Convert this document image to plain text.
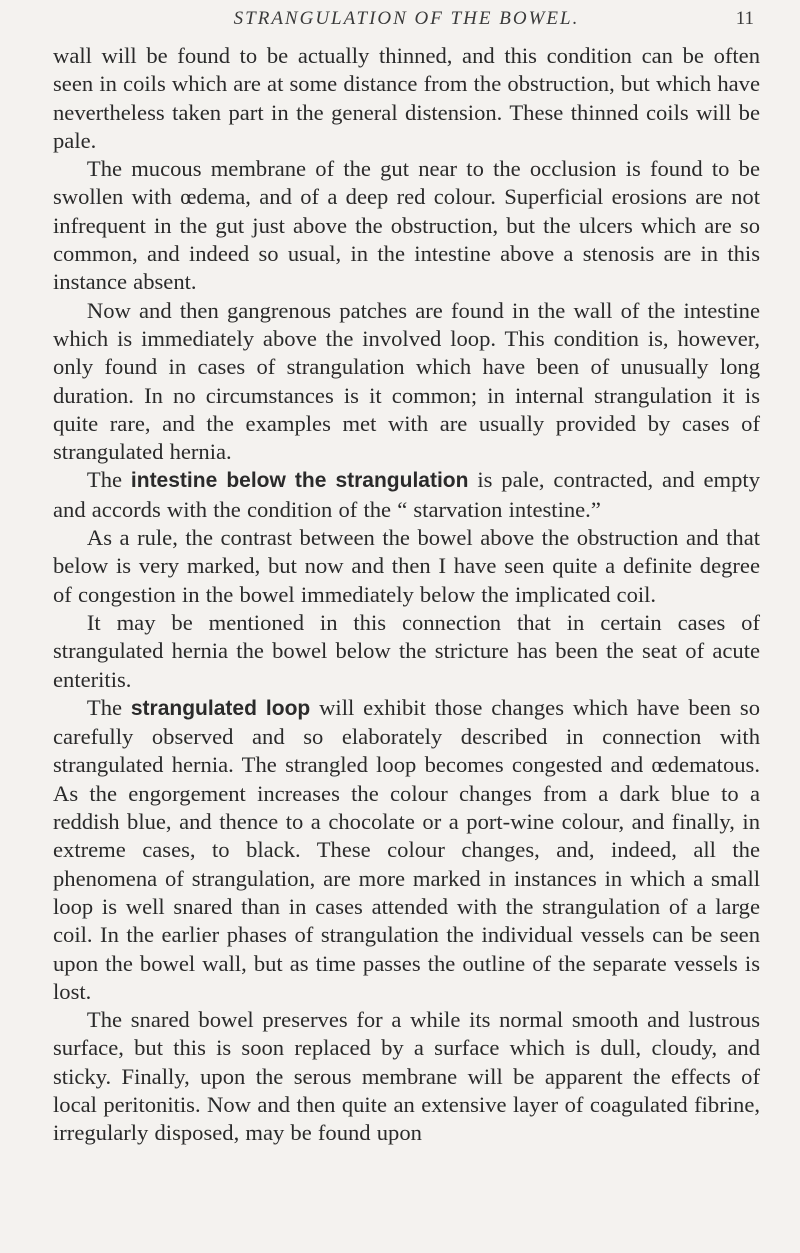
STRANGULATION OF THE BOWEL.	11

wall will be found to be actually thinned, and this condition can be often seen in coils which are at some distance from the obstruction, but which have nevertheless taken part in the general distension. These thinned coils will be pale.

The mucous membrane of the gut near to the occlusion is found to be swollen with œdema, and of a deep red colour. Superficial erosions are not infrequent in the gut just above the obstruction, but the ulcers which are so common, and indeed so usual, in the intestine above a stenosis are in this instance absent.

Now and then gangrenous patches are found in the wall of the intestine which is immediately above the involved loop. This condition is, however, only found in cases of strangulation which have been of unusually long duration. In no circumstances is it common; in internal strangulation it is quite rare, and the examples met with are usually provided by cases of strangulated hernia.

The intestine below the strangulation is pale, contracted, and empty and accords with the condition of the “ starvation intestine.”

As a rule, the contrast between the bowel above the obstruction and that below is very marked, but now and then I have seen quite a definite degree of congestion in the bowel immediately below the implicated coil.

It may be mentioned in this connection that in certain cases of strangulated hernia the bowel below the stricture has been the seat of acute enteritis.

The strangulated loop will exhibit those changes which have been so carefully observed and so elaborately described in connection with strangulated hernia. The strangled loop becomes congested and œdematous. As the engorgement increases the colour changes from a dark blue to a reddish blue, and thence to a chocolate or a port-wine colour, and finally, in extreme cases, to black. These colour changes, and, indeed, all the phenomena of strangulation, are more marked in instances in which a small loop is well snared than in cases attended with the strangulation of a large coil. In the earlier phases of strangulation the individual vessels can be seen upon the bowel wall, but as time passes the outline of the separate vessels is lost.

The snared bowel preserves for a while its normal smooth and lustrous surface, but this is soon replaced by a surface which is dull, cloudy, and sticky. Finally, upon the serous membrane will be apparent the effects of local peritonitis. Now and then quite an extensive layer of coagulated fibrine, irregularly disposed, may be found upon
